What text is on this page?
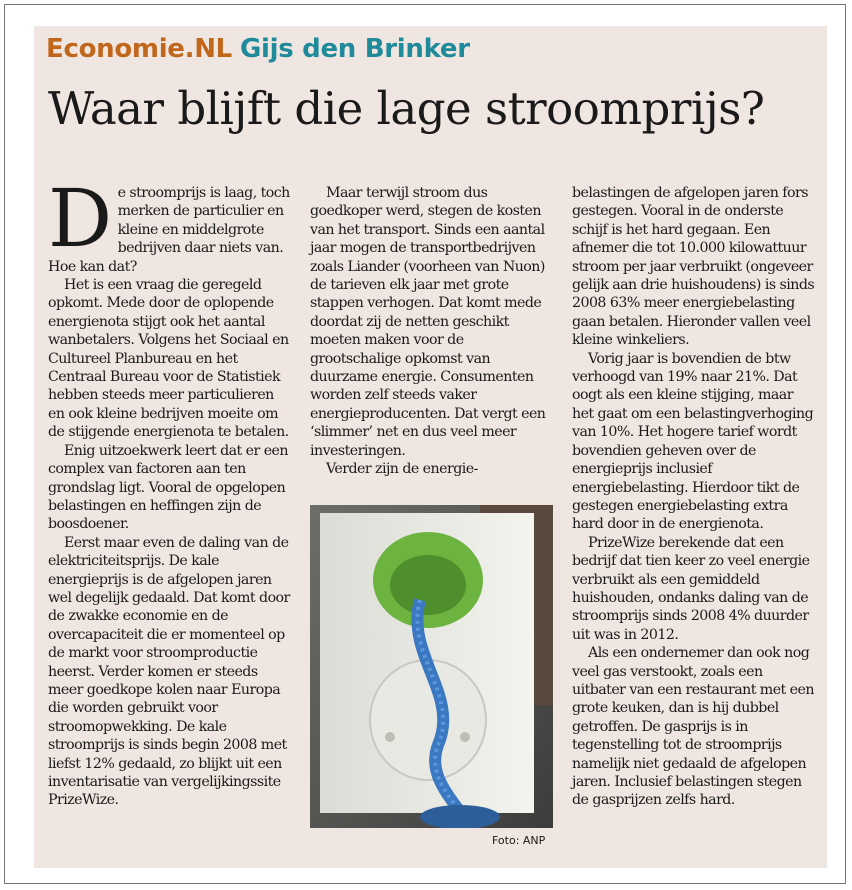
Economie.NL Gijs den Brinker
Waar blijft die lage stroomprijs?

De stroomprijs is laag, toch merken de particulier en kleine en middelgrote bedrijven daar niets van. Hoe kan dat?

Het is een vraag die geregeld opkomt. Mede door de oplopende energienota stijgt ook het aantal wanbetalers. Volgens het Sociaal en Cultureel Planbureau en het Centraal Bureau voor de Statistiek hebben steeds meer particulieren en ook kleine bedrijven moeite om de stijgende energienota te betalen.

Enig uitzoekwerk leert dat er een complex van factoren aan ten grondslag ligt. Vooral de opgelopen belastingen en heffingen zijn de boosdoener.

Eerst maar even de daling van de elektriciteitsprijs. De kale energieprijs is de afgelopen jaren wel degelijk gedaald. Dat komt door de zwakke economie en de overcapaciteit die er momenteel op de markt voor stroomproductie heerst. Verder komen er steeds meer goedkope kolen naar Europa die worden gebruikt voor stroomopwekking. De kale stroomprijs is sinds begin 2008 met liefst 12% gedaald, zo blijkt uit een inventarisatie van vergelijkingssite PrizeWize.

Maar terwijl stroom dus goedkoper werd, stegen de kosten van het transport. Sinds een aantal jaar mogen de transportbedrijven zoals Liander (voorheen van Nuon) de tarieven elk jaar met grote stappen verhogen. Dat komt mede doordat zij de netten geschikt moeten maken voor de grootschalige opkomst van duurzame energie. Consumenten worden zelf steeds vaker energieproducenten. Dat vergt een ‘slimmer’ net en dus veel meer investeringen.

Verder zijn de energie-

Foto: ANP

belastingen de afgelopen jaren fors gestegen. Vooral in de onderste schijf is het hard gegaan. Een afnemer die tot 10.000 kilowattuur stroom per jaar verbruikt (ongeveer gelijk aan drie huishoudens) is sinds 2008 63% meer energiebelasting gaan betalen. Hieronder vallen veel kleine winkeliers.

Vorig jaar is bovendien de btw verhoogd van 19% naar 21%. Dat oogt als een kleine stijging, maar het gaat om een belastingverhoging van 10%. Het hogere tarief wordt bovendien geheven over de energieprijs inclusief energiebelasting. Hierdoor tikt de gestegen energiebelasting extra hard door in de energienota.

PrizeWize berekende dat een bedrijf dat tien keer zo veel energie verbruikt als een gemiddeld huishouden, ondanks daling van de stroomprijs sinds 2008 4% duurder uit was in 2012.

Als een ondernemer dan ook nog veel gas verstookt, zoals een uitbater van een restaurant met een grote keuken, dan is hij dubbel getroffen. De gasprijs is in tegenstelling tot de stroomprijs namelijk niet gedaald de afgelopen jaren. Inclusief belastingen stegen de gasprijzen zelfs hard.
